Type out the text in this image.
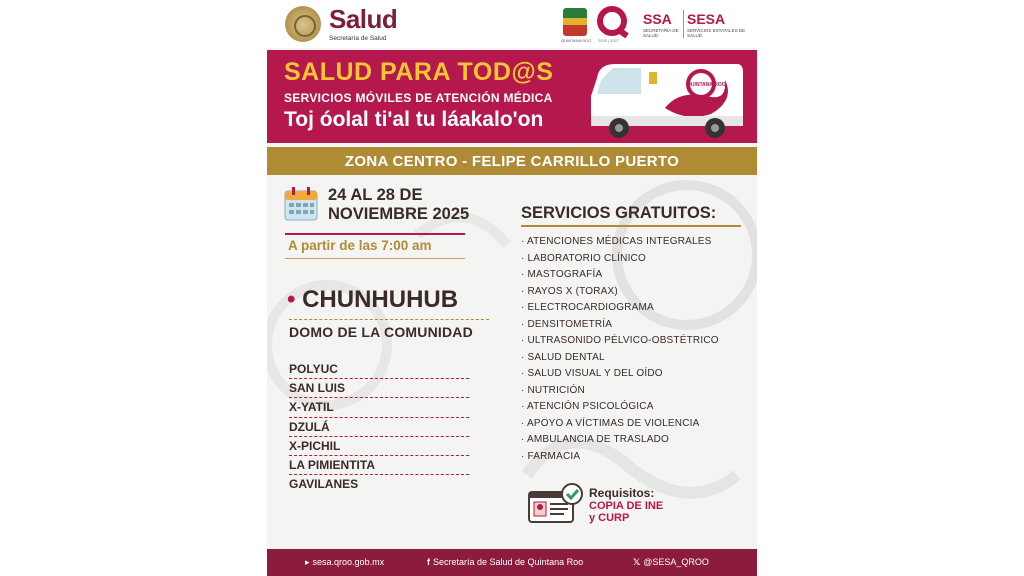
Salud
Secretaría de Salud	QUINTANA ROO 2025 | 2027
SSA
SECRETARÍA DE SALUD
SESA
SERVICIOS ESTATALES DE SALUD
SALUD PARA TOD@S
SERVICIOS MÓVILES DE ATENCIÓN MÉDICA
Toj óolal ti'al tu láakalo'on
QUINTANA ROO
ZONA CENTRO - FELIPE CARRILLO PUERTO
24 AL 28 DE
NOVIEMBRE 2025
A partir de las 7:00 am
• CHUNHUHUB
DOMO DE LA COMUNIDAD
POLYUC
SAN LUIS
X-YATIL
DZULÁ
X-PICHIL
LA PIMIENTITA
GAVILANES
SERVICIOS GRATUITOS:
· ATENCIONES MÉDICAS INTEGRALES
· LABORATORIO CLÍNICO
· MASTOGRAFÍA
· RAYOS X (TORAX)
· ELECTROCARDIOGRAMA
· DENSITOMETRÍA
· ULTRASONIDO PÉLVICO-OBSTÉTRICO
· SALUD DENTAL
· SALUD VISUAL Y DEL OÍDO
· NUTRICIÓN
· ATENCIÓN PSICOLÓGICA
· APOYO A VÍCTIMAS DE VIOLENCIA
· AMBULANCIA DE TRASLADO
· FARMACIA
Requisitos:
COPIA DE INE
y CURP
▸ sesa.qroo.gob.mx	f Secretaría de Salud de Quintana Roo	𝕏 @SESA_QROO
